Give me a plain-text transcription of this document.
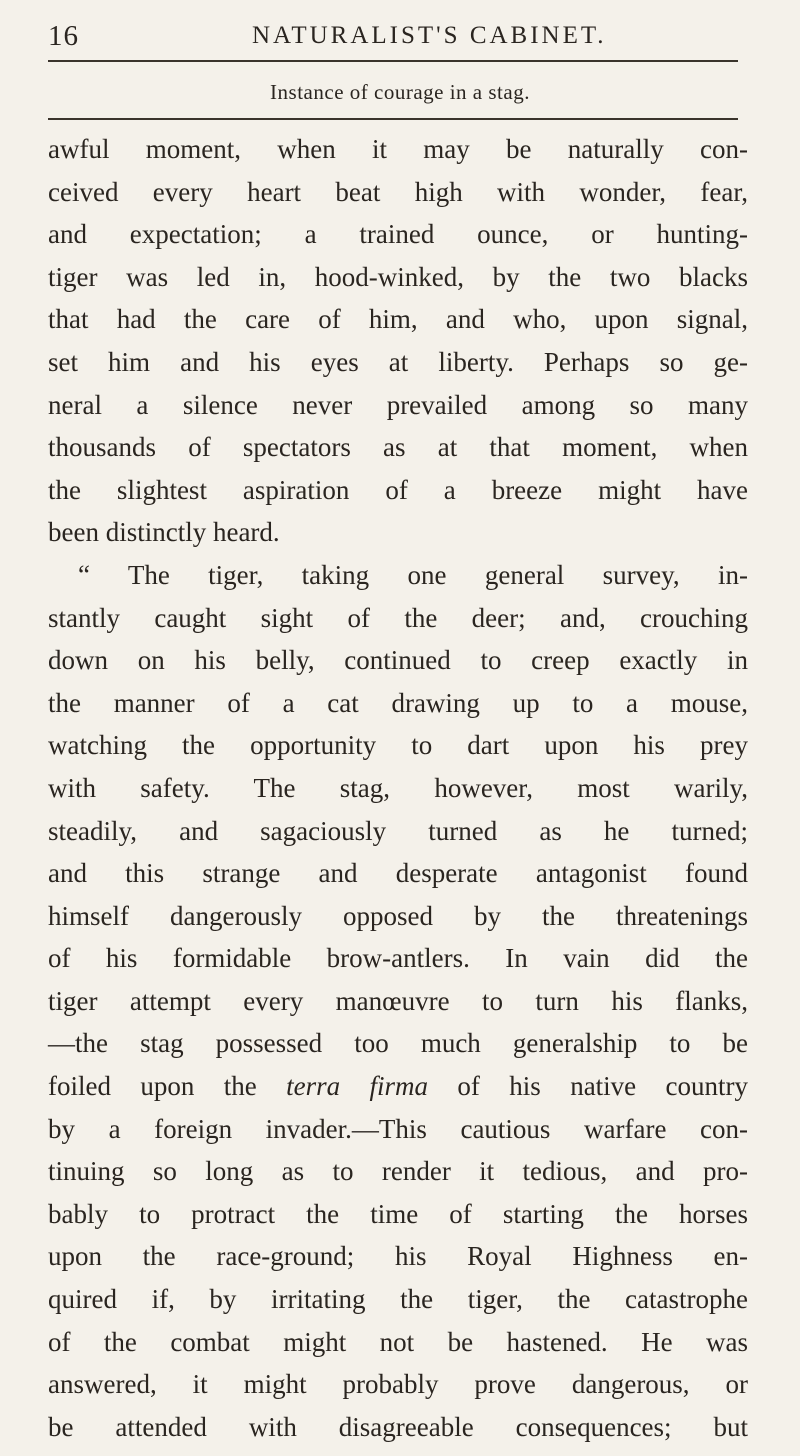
16	NATURALIST'S CABINET.
Instance of courage in a stag.
awful moment, when it may be naturally con-
ceived every heart beat high with wonder, fear,
and expectation; a trained ounce, or hunting-
tiger was led in, hood-winked, by the two blacks
that had the care of him, and who, upon signal,
set him and his eyes at liberty. Perhaps so ge-
neral a silence never prevailed among so many
thousands of spectators as at that moment, when
the slightest aspiration of a breeze might have
been distinctly heard.
“ The tiger, taking one general survey, in-
stantly caught sight of the deer; and, crouching
down on his belly, continued to creep exactly in
the manner of a cat drawing up to a mouse,
watching the opportunity to dart upon his prey
with safety. The stag, however, most warily,
steadily, and sagaciously turned as he turned;
and this strange and desperate antagonist found
himself dangerously opposed by the threatenings
of his formidable brow-antlers. In vain did the
tiger attempt every manœuvre to turn his flanks,
—the stag possessed too much generalship to be
foiled upon the terra firma of his native country
by a foreign invader.—This cautious warfare con-
tinuing so long as to render it tedious, and pro-
bably to protract the time of starting the horses
upon the race-ground; his Royal Highness en-
quired if, by irritating the tiger, the catastrophe
of the combat might not be hastened. He was
answered, it might probably prove dangerous, or
be attended with disagreeable consequences; but
